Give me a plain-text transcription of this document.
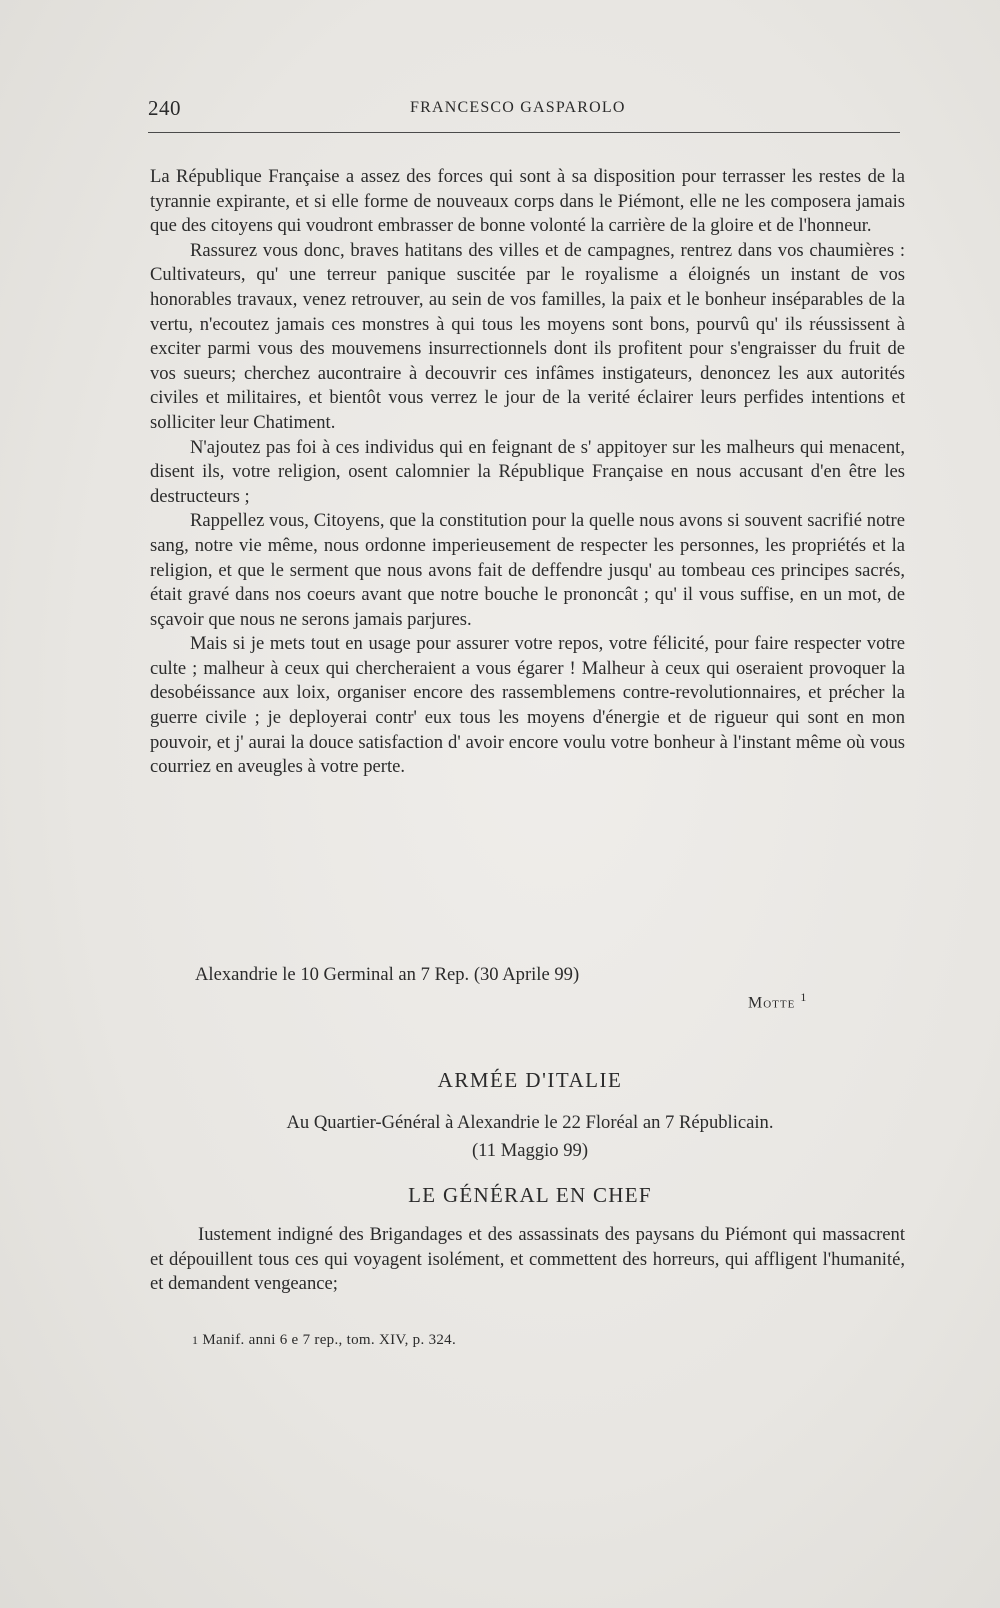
240	FRANCESCO GASPAROLO

La République Française a assez des forces qui sont à sa disposition pour terrasser les restes de la tyrannie expirante, et si elle forme de nouveaux corps dans le Piémont, elle ne les composera jamais que des citoyens qui voudront embrasser de bonne volonté la carrière de la gloire et de l'honneur.

Rassurez vous donc, braves hatitans des villes et de campagnes, rentrez dans vos chaumières : Cultivateurs, qu' une terreur panique suscitée par le royalisme a éloignés un instant de vos honorables travaux, venez retrouver, au sein de vos familles, la paix et le bonheur inséparables de la vertu, n'ecoutez jamais ces monstres à qui tous les moyens sont bons, pourvû qu' ils réussissent à exciter parmi vous des mouvemens insurrectionnels dont ils profitent pour s'engraisser du fruit de vos sueurs; cherchez aucontraire à decouvrir ces infâmes instigateurs, denoncez les aux autorités civiles et militaires, et bientôt vous verrez le jour de la verité éclairer leurs perfides intentions et solliciter leur Chatiment.

N'ajoutez pas foi à ces individus qui en feignant de s' appitoyer sur les malheurs qui menacent, disent ils, votre religion, osent calomnier la République Française en nous accusant d'en être les destructeurs ;

Rappellez vous, Citoyens, que la constitution pour la quelle nous avons si souvent sacrifié notre sang, notre vie même, nous ordonne imperieusement de respecter les personnes, les propriétés et la religion, et que le serment que nous avons fait de deffendre jusqu' au tombeau ces principes sacrés, était gravé dans nos coeurs avant que notre bouche le prononcât ; qu' il vous suffise, en un mot, de sçavoir que nous ne serons jamais parjures.

Mais si je mets tout en usage pour assurer votre repos, votre félicité, pour faire respecter votre culte ; malheur à ceux qui chercheraient a vous égarer ! Malheur à ceux qui oseraient provoquer la desobéissance aux loix, organiser encore des rassemblemens contre-revolutionnaires, et précher la guerre civile ; je deployerai contr' eux tous les moyens d'énergie et de rigueur qui sont en mon pouvoir, et j' aurai la douce satisfaction d' avoir encore voulu votre bonheur à l'instant même où vous courriez en aveugles à votre perte.

Alexandrie le 10 Germinal an 7 Rep. (30 Aprile 99)
Motte $^1$
ARMÉE D'ITALIE
Au Quartier-Général à Alexandrie le 22 Floréal an 7 Républicain.
(11 Maggio 99)
LE GÉNÉRAL EN CHEF

Iustement indigné des Brigandages et des assassinats des paysans du Piémont qui massacrent et dépouillent tous ces qui voyagent isolément, et commettent des horreurs, qui affligent l'humanité, et demandent vengeance;

1 Manif. anni 6 e 7 rep., tom. XIV, p. 324.
